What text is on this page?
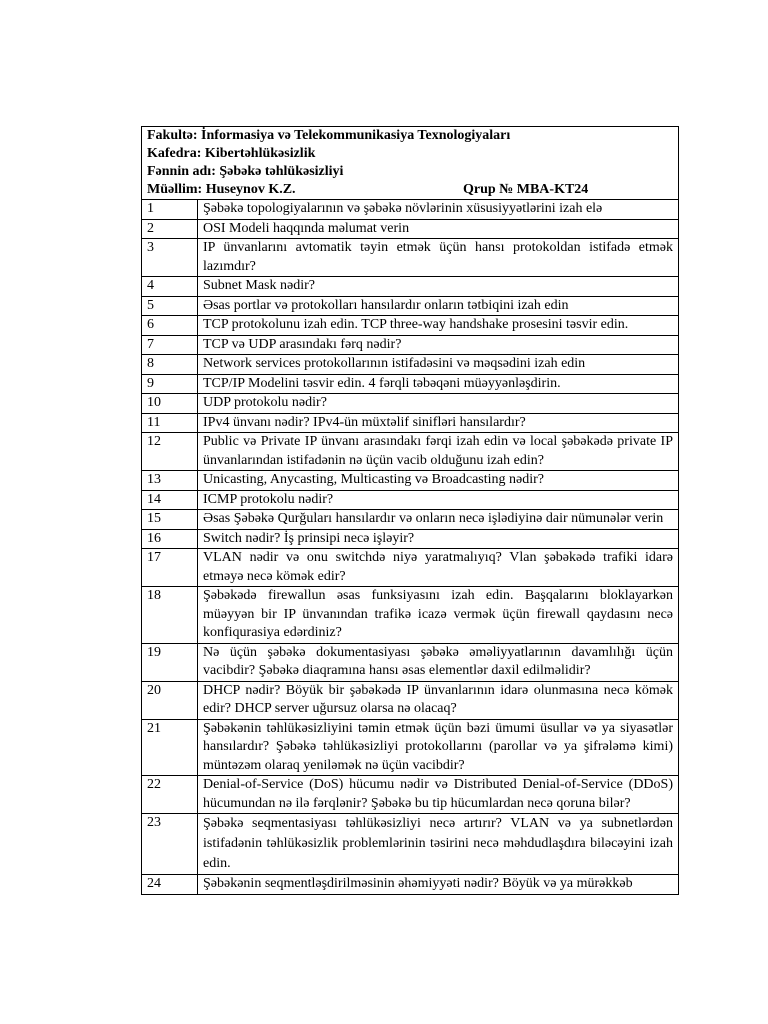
Fakultə: İnformasiya və Telekommunikasiya Texnologiyaları
Kafedra: Kibertəhlükəsizlik
Fənnin adı: Şəbəkə təhlükəsizliyi
Müəllim: Huseynov K.Z. Qrup № MBA-KT24	

1	Şəbəkə topologiyalarının və şəbəkə növlərinin xüsusiyyətlərini izah elə
2	OSI Modeli haqqında məlumat verin
3	IP ünvanlarını avtomatik təyin etmək üçün hansı protokoldan istifadə etmək lazımdır?
4	Subnet Mask nədir?
5	Əsas portlar və protokolları hansılardır onların tətbiqini izah edin
6	TCP protokolunu izah edin. TCP three-way handshake prosesini təsvir edin.
7	TCP və UDP arasındakı fərq nədir?
8	Network services protokollarının istifadəsini və məqsədini izah edin
9	TCP/IP Modelini təsvir edin. 4 fərqli təbəqəni müəyyənləşdirin.
10	UDP protokolu nədir?
11	IPv4 ünvanı nədir? IPv4-ün müxtəlif sinifləri hansılardır?
12	Public və Private IP ünvanı arasındakı fərqi izah edin və local şəbəkədə private IP ünvanlarından istifadənin nə üçün vacib olduğunu izah edin?
13	Unicasting, Anycasting, Multicasting və Broadcasting nədir?
14	ICMP protokolu nədir?
15	Əsas Şəbəkə Qurğuları hansılardır və onların necə işlədiyinə dair nümunələr verin
16	Switch nədir? İş prinsipi necə işləyir?
17	VLAN nədir və onu switchdə niyə yaratmalıyıq? Vlan şəbəkədə trafiki idarə etməyə necə kömək edir?
18	Şəbəkədə firewallun əsas funksiyasını izah edin. Başqalarını bloklayarkən müəyyən bir IP ünvanından trafikə icazə vermək üçün firewall qaydasını necə konfiqurasiya edərdiniz?
19	Nə üçün şəbəkə dokumentasiyası şəbəkə əməliyyatlarının davamlılığı üçün vacibdir? Şəbəkə diaqramına hansı əsas elementlər daxil edilməlidir?
20	DHCP nədir? Böyük bir şəbəkədə IP ünvanlarının idarə olunmasına necə kömək edir? DHCP server uğursuz olarsa nə olacaq?
21	Şəbəkənin təhlükəsizliyini təmin etmək üçün bəzi ümumi üsullar və ya siyasətlər hansılardır? Şəbəkə təhlükəsizliyi protokollarını (parollar və ya şifrələmə kimi) müntəzəm olaraq yeniləmək nə üçün vacibdir?
22	Denial-of-Service (DoS) hücumu nədir və Distributed Denial-of-Service (DDoS) hücumundan nə ilə fərqlənir? Şəbəkə bu tip hücumlardan necə qoruna bilər?
23	Şəbəkə seqmentasiyası təhlükəsizliyi necə artırır? VLAN və ya subnetlərdən istifadənin təhlükəsizlik problemlərinin təsirini necə məhdudlaşdıra biləcəyini izah edin.
24	Şəbəkənin seqmentləşdirilməsinin əhəmiyyəti nədir? Böyük və ya mürəkkəb
